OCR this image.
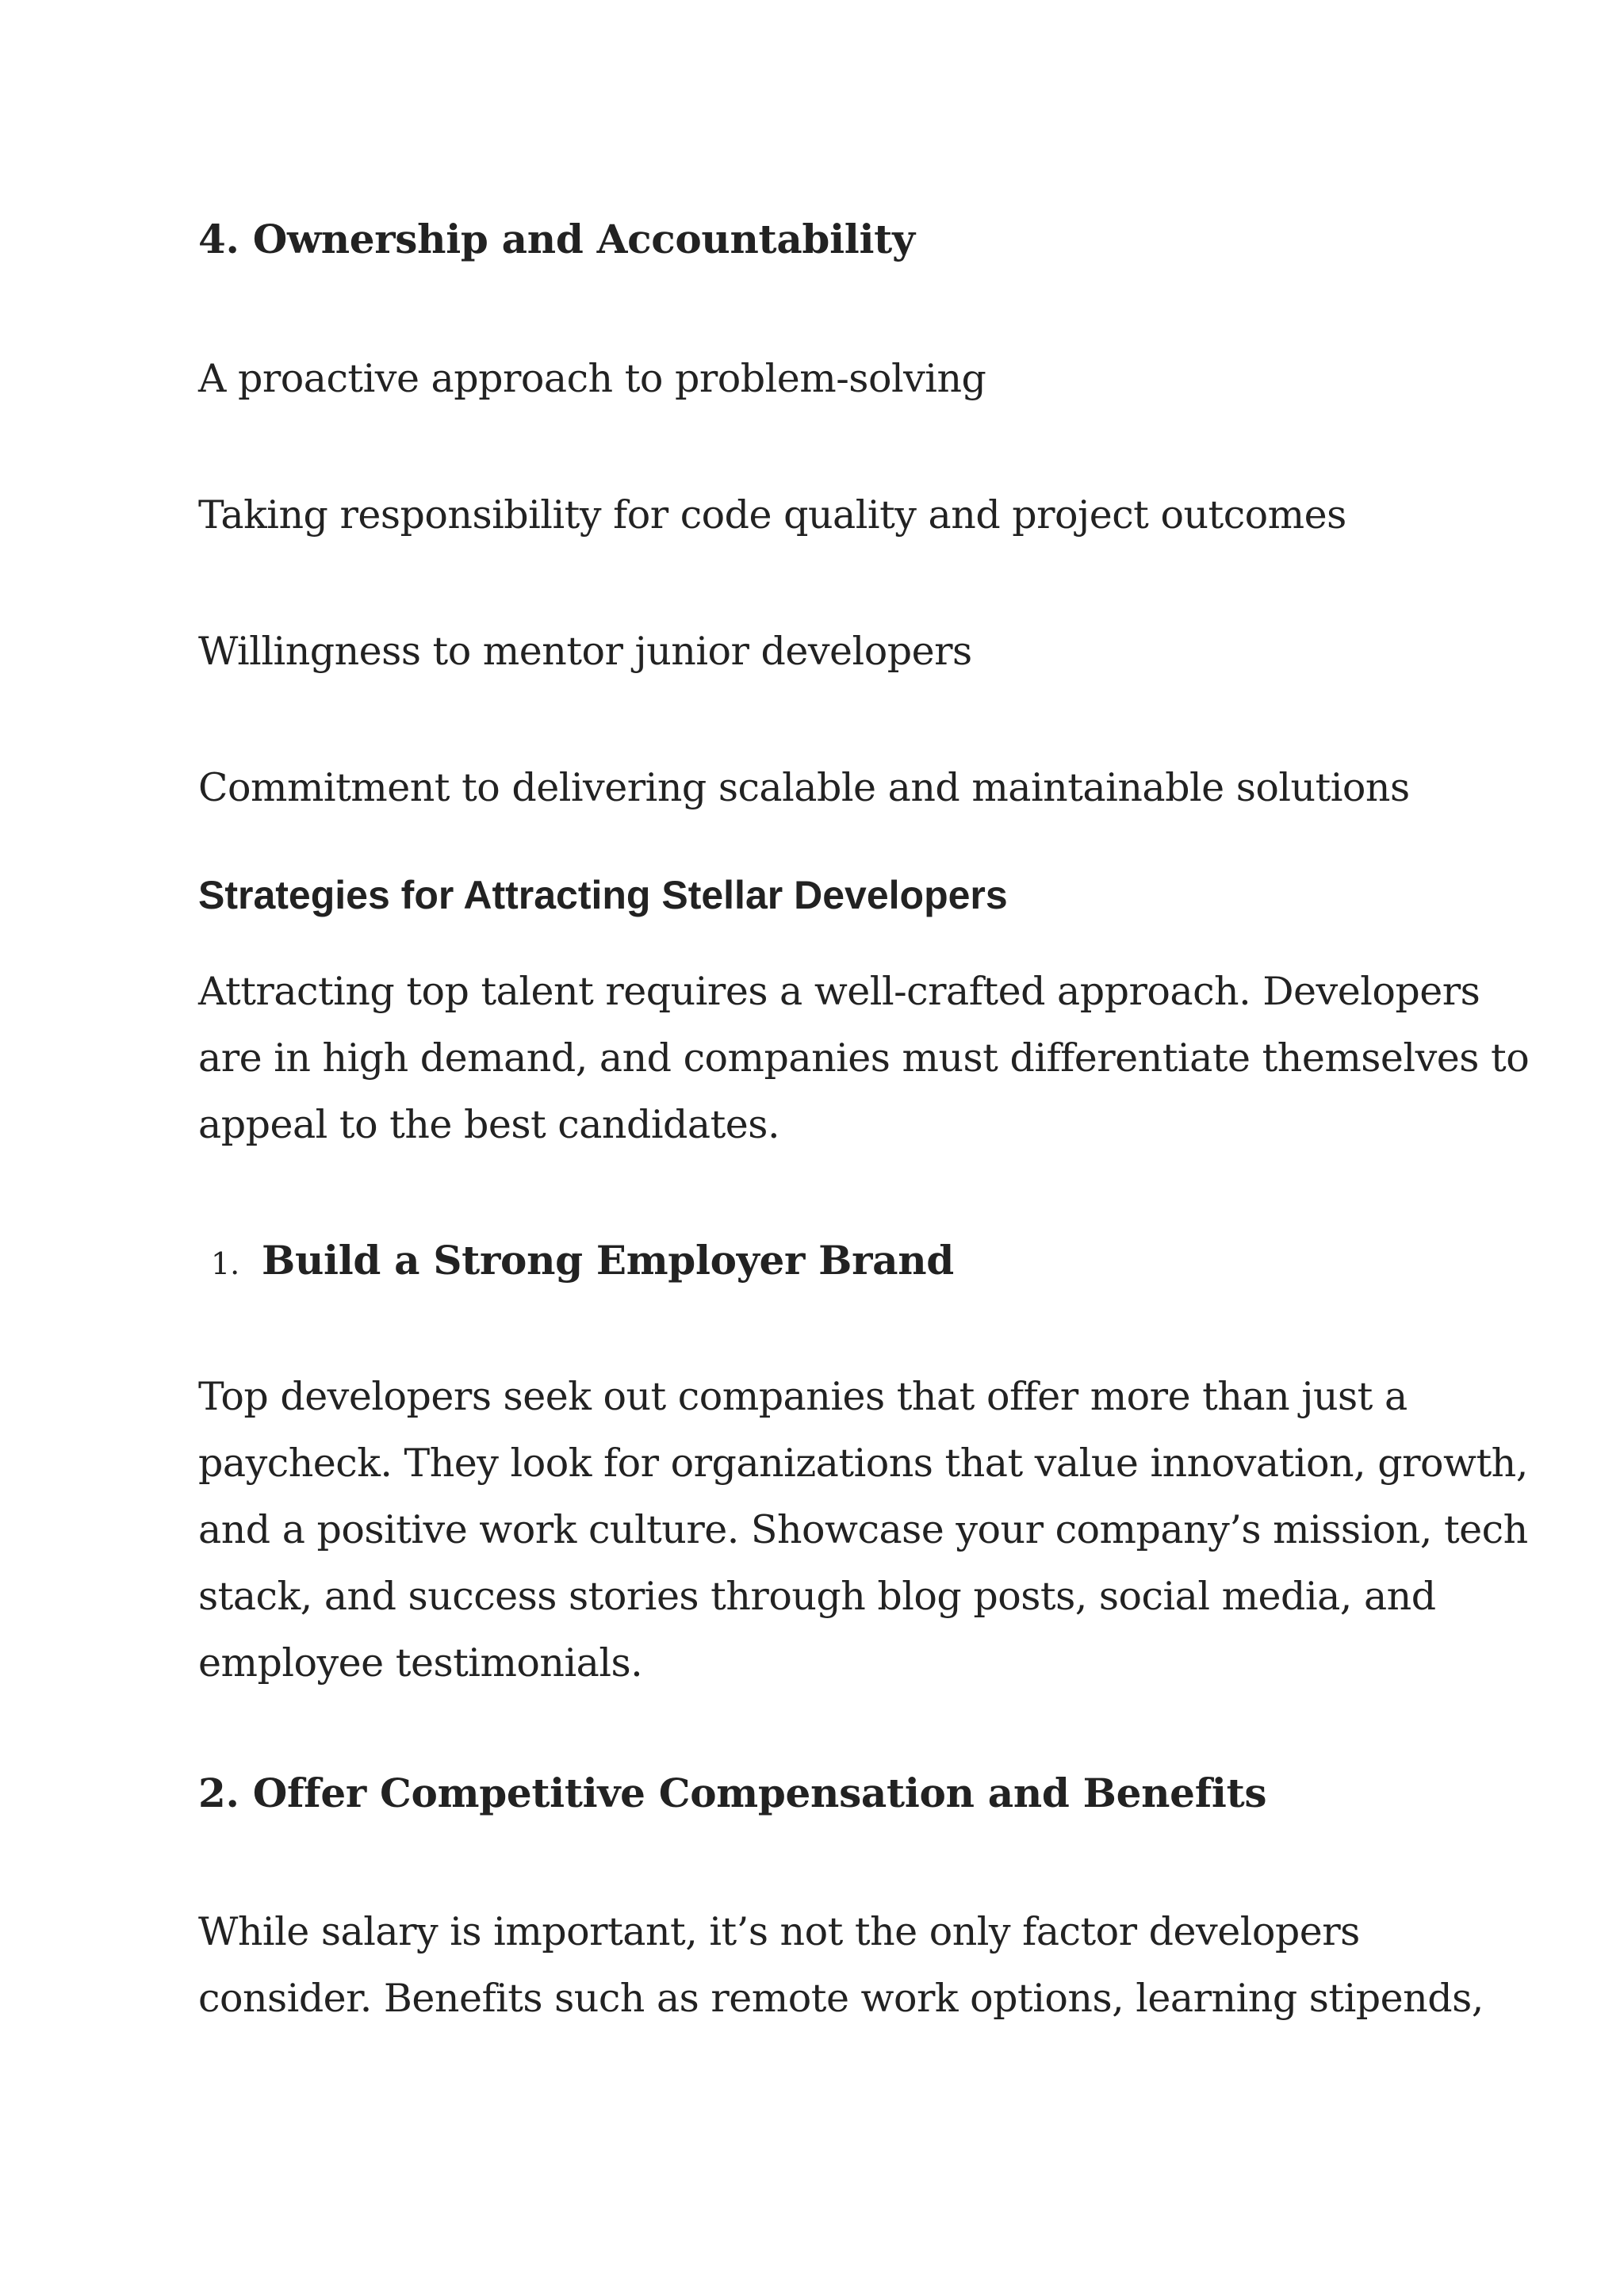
4. Ownership and Accountability

A proactive approach to problem-solving

Taking responsibility for code quality and project outcomes

Willingness to mentor junior developers

Commitment to delivering scalable and maintainable solutions

Strategies for Attracting Stellar Developers
Attracting top talent requires a well-crafted approach. Developers
are in high demand, and companies must differentiate themselves to
appeal to the best candidates.
1. Build a Strong Employer Brand
Top developers seek out companies that offer more than just a
paycheck. They look for organizations that value innovation, growth,
and a positive work culture. Showcase your company’s mission, tech
stack, and success stories through blog posts, social media, and
employee testimonials.
2. Offer Competitive Compensation and Benefits
While salary is important, it’s not the only factor developers
consider. Benefits such as remote work options, learning stipends,
